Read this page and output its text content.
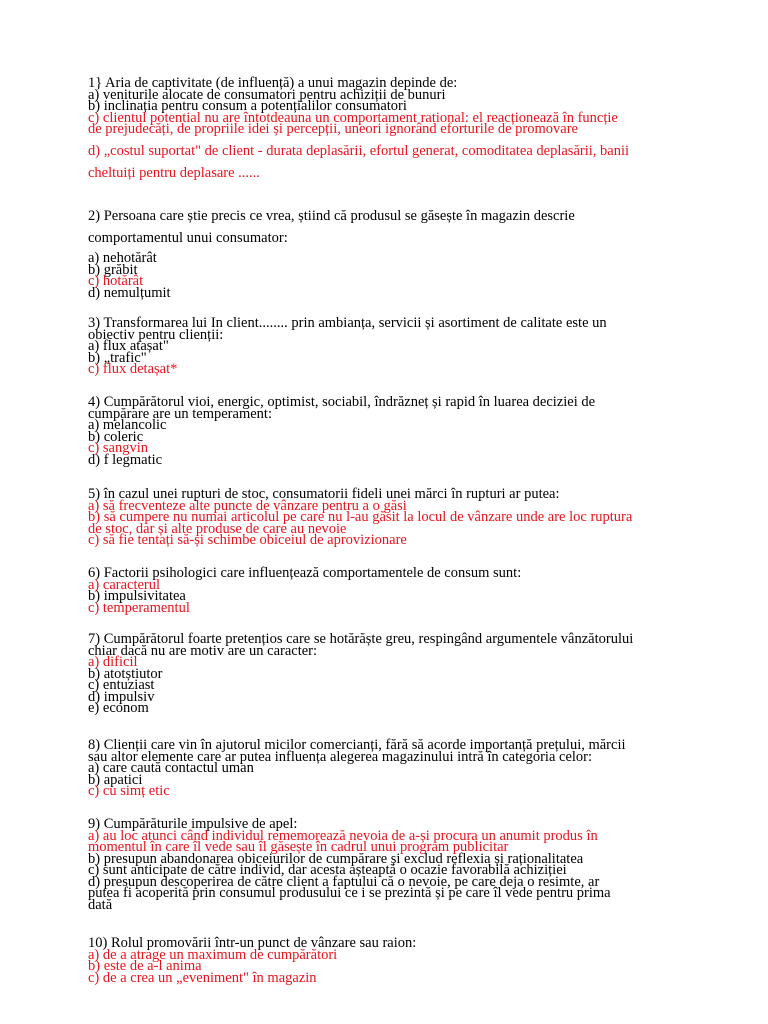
1} Aria de captivitate (de influență) a unui magazin depinde de:
a) veniturile alocate de consumatori pentru achiziții de bunuri
b) inclinația pentru consum a potențialilor consumatori
c) clientul potential nu are întotdeauna un comportament rational: el reacționează în funcție
de prejudecăți, de propriile idei și percepții, uneori ignorând eforturile de promovare
d) „costul suportat" de client - durata deplasării, efortul generat, comoditatea deplasării, banii
cheltuiți pentru deplasare ......
2) Persoana care știe precis ce vrea, știind că produsul se găsește în magazin descrie
comportamentul unui consumator:
a) nehotărât
b) grăbit
c) hotărât
d) nemulțumit
3) Transformarea lui In client........ prin ambianța, servicii și asortiment de calitate este un
obiectiv pentru clienții:
a) flux atașat"
b) „trafic"
c) flux detașat*
4) Cumpărătorul vioi, energic, optimist, sociabil, îndrăzneț și rapid în luarea deciziei de
cumpărare are un temperament:
a) melancolic
b) coleric
c) sangvin
d) f legmatic
5) în cazul unei rupturi de stoc, consumatorii fideli unei mărci în rupturi ar putea:
a) să frecventeze alte puncte de vânzare pentru a o găsi
b) să cumpere nu numai articolul pe care nu l-au găsit la locul de vânzare unde are loc ruptura
de stoc, dar și alte produse de care au nevoie
c) să fie tentați să-și schimbe obiceiul de aprovizionare
6) Factorii psihologici care influențează comportamentele de consum sunt:
a) caracterul
b) impulsivitatea
c) temperamentul
7) Cumpărătorul foarte pretențios care se hotărăște greu, respingând argumentele vânzătorului
chiar dacă nu are motiv are un caracter:
a) dificil
b) atotștiutor
c) entuziast
d) impulsiv
e) econom
8) Clienții care vin în ajutorul micilor comercianți, fără să acorde importanță prețului, mărcii
sau altor elemente care ar putea influența alegerea magazinului intră în categoria celor:
a) care caută contactul uman
b) apatici
c) cu simț etic
9) Cumpărăturile impulsive de apel:
a) au loc atunci când individul rememorează nevoia de a-și procura un anumit produs în
momentul în care îl vede sau îl găsește în cadrul unui program publicitar
b) presupun abandonarea obiceiurilor de cumpărare și exclud reflexia și raționalitatea
c) sunt anticipate de către individ, dar acesta așteaptă o ocazie favorabilă achiziției
d) presupun descoperirea de către client a faptului că o nevoie, pe care deja o resimte, ar
putea fi acoperită prin consumul produsului ce i se prezintă și pe care îl vede pentru prima
dată
10) Rolul promovării într-un punct de vânzare sau raion:
a) de a atrage un maximum de cumpărători
b) este de a-l anima
c) de a crea un „eveniment" în magazin
